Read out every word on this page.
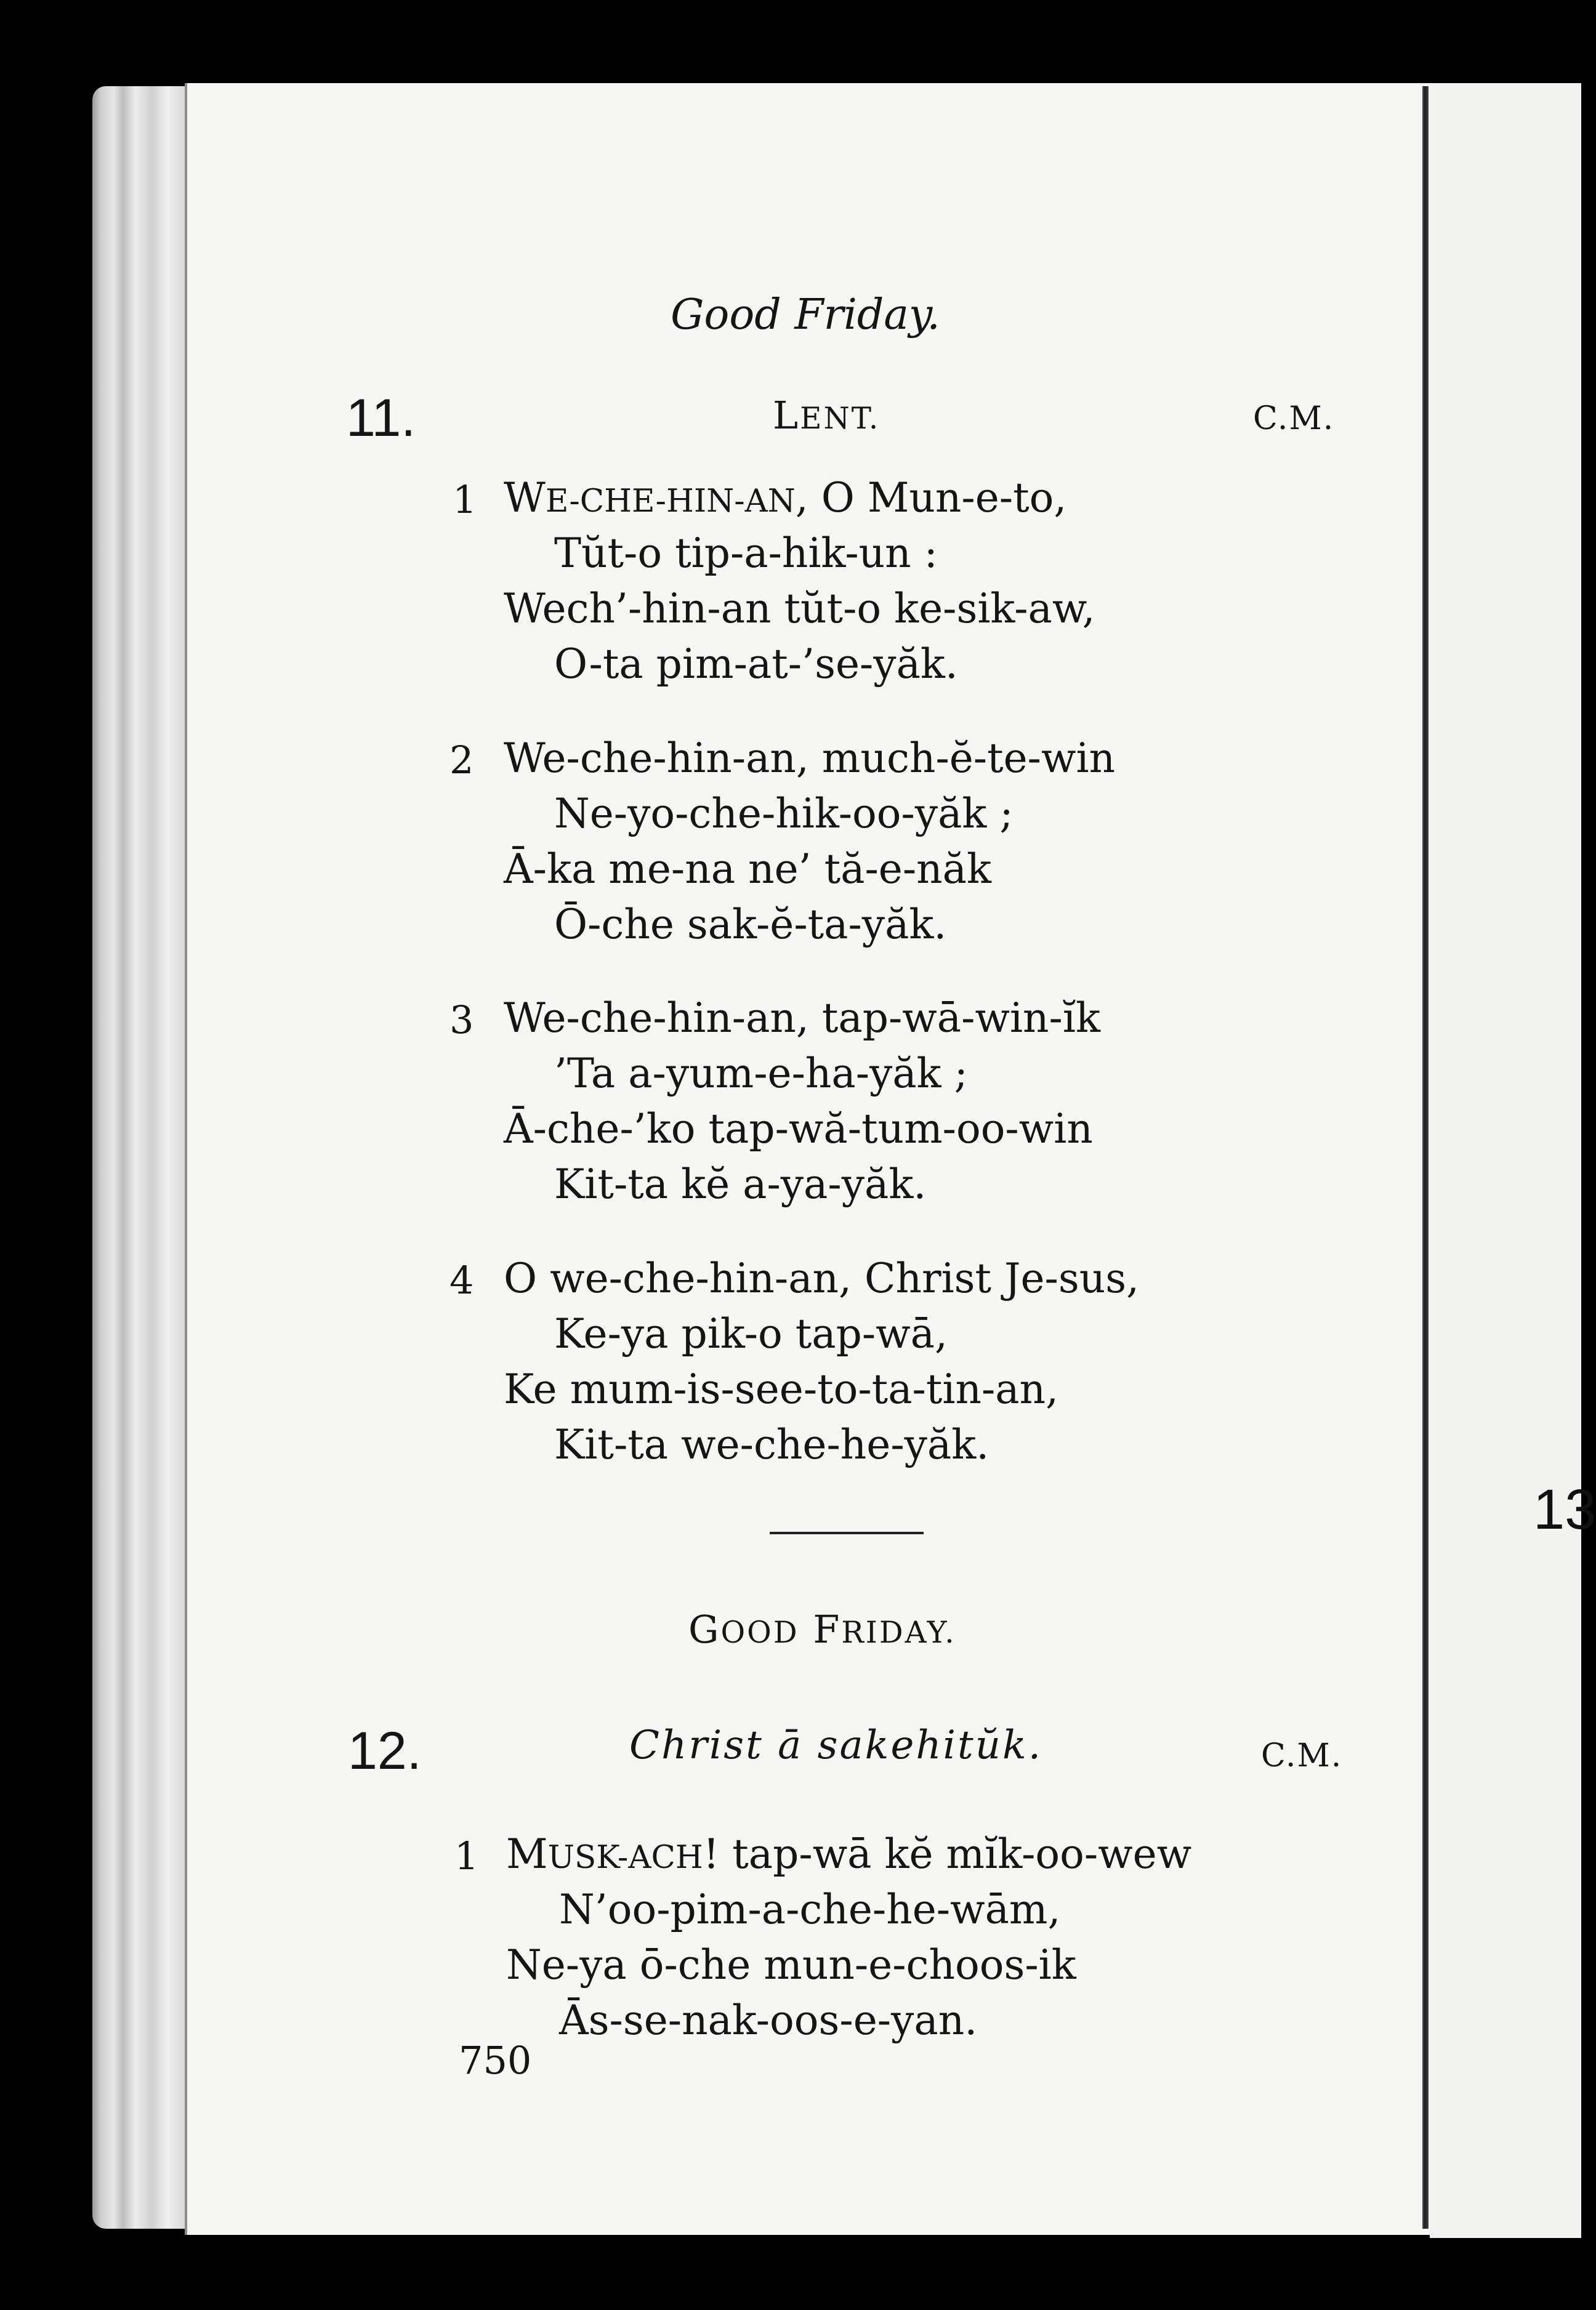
13
Good Friday.
11.	LENT.	C.M.
1 WE-CHE-HIN-AN, O Mun-e-to,
Tŭt-o tip-a-hik-un :
Wech’-hin-an tŭt-o ke-sik-aw,
O-ta pim-at-’se-yăk.
2 We-che-hin-an, much-ĕ-te-win
Ne-yo-che-hik-oo-yăk ;
Ā-ka me-na ne’ tă-e-năk
Ō-che sak-ĕ-ta-yăk.
3 We-che-hin-an, tap-wā-win-ĭk
’Ta a-yum-e-ha-yăk ;
Ā-che-’ko tap-wă-tum-oo-win
Kit-ta kĕ a-ya-yăk.
4 O we-che-hin-an, Christ Je-sus,
Ke-ya pik-o tap-wā,
Ke mum-is-see-to-ta-tin-an,
Kit-ta we-che-he-yăk.
GOOD FRIDAY.
12.	Christ ā sakehitŭk.	C.M.
1 MUSK-ACH! tap-wā kĕ mĭk-oo-wew
N’oo-pim-a-che-he-wām,
Ne-ya ō-che mun-e-choos-ik
Ās-se-nak-oos-e-yan.
750
